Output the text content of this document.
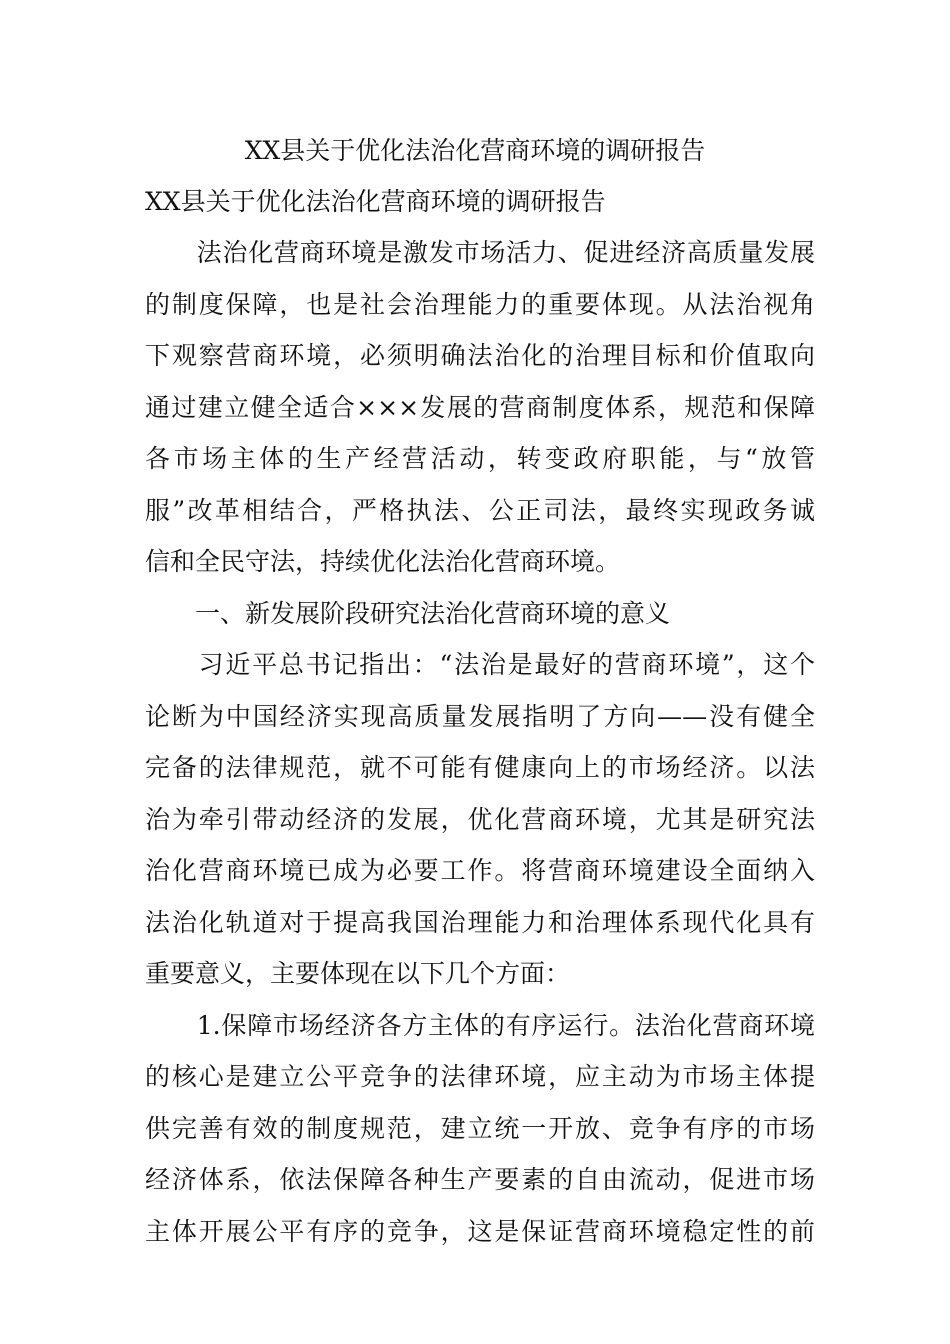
XX县关于优化法治化营商环境的调研报告
XX县关于优化法治化营商环境的调研报告
　　法治化营商环境是激发市场活力、促进经济高质量发展
的制度保障，也是社会治理能力的重要体现。从法治视角
下观察营商环境，必须明确法治化的治理目标和价值取向
通过建立健全适合×××发展的营商制度体系，规范和保障
各市场主体的生产经营活动，转变政府职能，与“放管
服”改革相结合，严格执法、公正司法，最终实现政务诚
信和全民守法，持续优化法治化营商环境。
　　一、新发展阶段研究法治化营商环境的意义
　　习近平总书记指出：“法治是最好的营商环境”，这个
论断为中国经济实现高质量发展指明了方向——没有健全
完备的法律规范，就不可能有健康向上的市场经济。以法
治为牵引带动经济的发展，优化营商环境，尤其是研究法
治化营商环境已成为必要工作。将营商环境建设全面纳入
法治化轨道对于提高我国治理能力和治理体系现代化具有
重要意义，主要体现在以下几个方面：
　　1.保障市场经济各方主体的有序运行。法治化营商环境
的核心是建立公平竞争的法律环境，应主动为市场主体提
供完善有效的制度规范，建立统一开放、竞争有序的市场
经济体系，依法保障各种生产要素的自由流动，促进市场
主体开展公平有序的竞争，这是保证营商环境稳定性的前
